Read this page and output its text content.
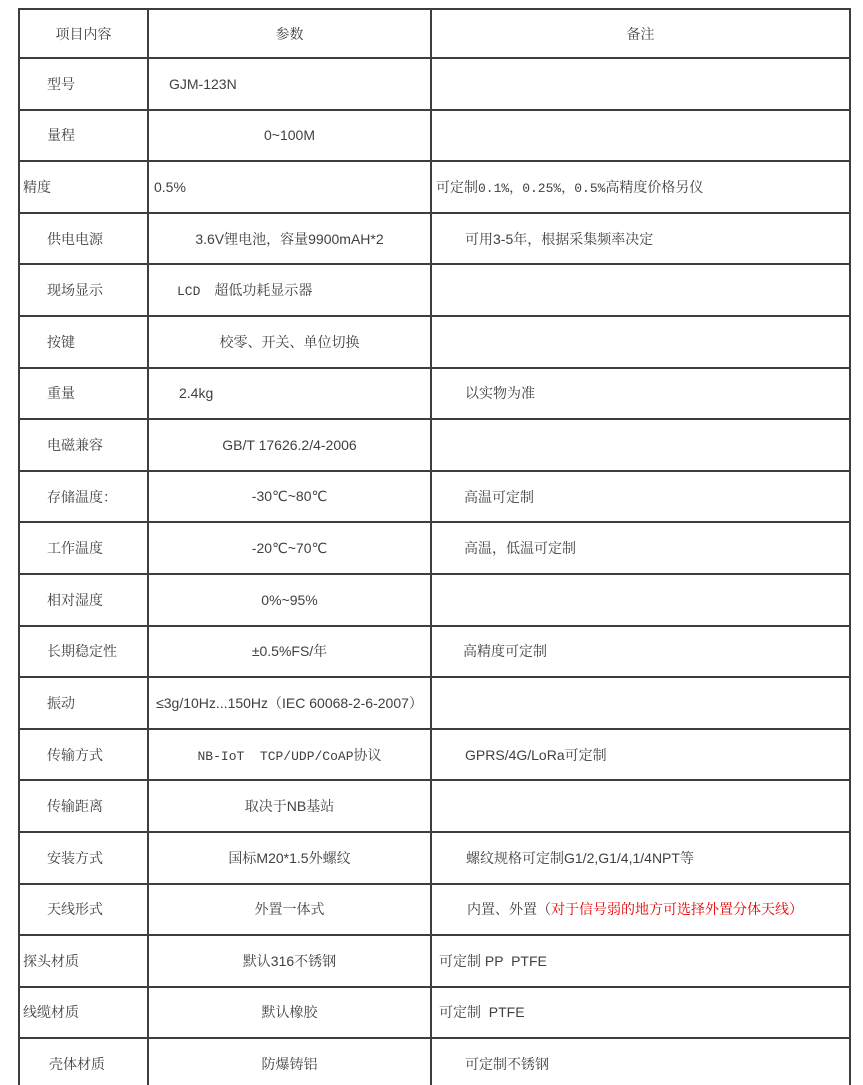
项目内容	参数	备注
型号	GJM-123N	
量程	0~100M	
精度	0.5%	可定制0.1%，0.25%，0.5%高精度价格另仪
供电电源	3.6V锂电池，容量9900mAH*2	可用3-5年，根据采集频率决定
现场显示	LCD　超低功耗显示器	
按键	校零、开关、单位切换	
重量	2.4kg	以实物为准
电磁兼容	GB/T 17626.2/4-2006	
存储温度：	-30℃~80℃	高温可定制
工作温度	-20℃~70℃	高温，低温可定制
相对湿度	0%~95%	
长期稳定性	±0.5%FS/年	高精度可定制
振动	≤3g/10Hz...150Hz（IEC 60068-2-6-2007）	
传输方式	NB-IoT  TCP/UDP/CoAP协议	GPRS/4G/LoRa可定制
传输距离	取决于NB基站	
安装方式	国标M20*1.5外螺纹	螺纹规格可定制G1/2,G1/4,1/4NPT等
天线形式	外置一体式	内置、外置（对于信号弱的地方可选择外置分体天线）
探头材质	默认316不锈钢	可定制 PP  PTFE
线缆材质	默认橡胶	可定制  PTFE
壳体材质	防爆铸铝	可定制不锈钢
